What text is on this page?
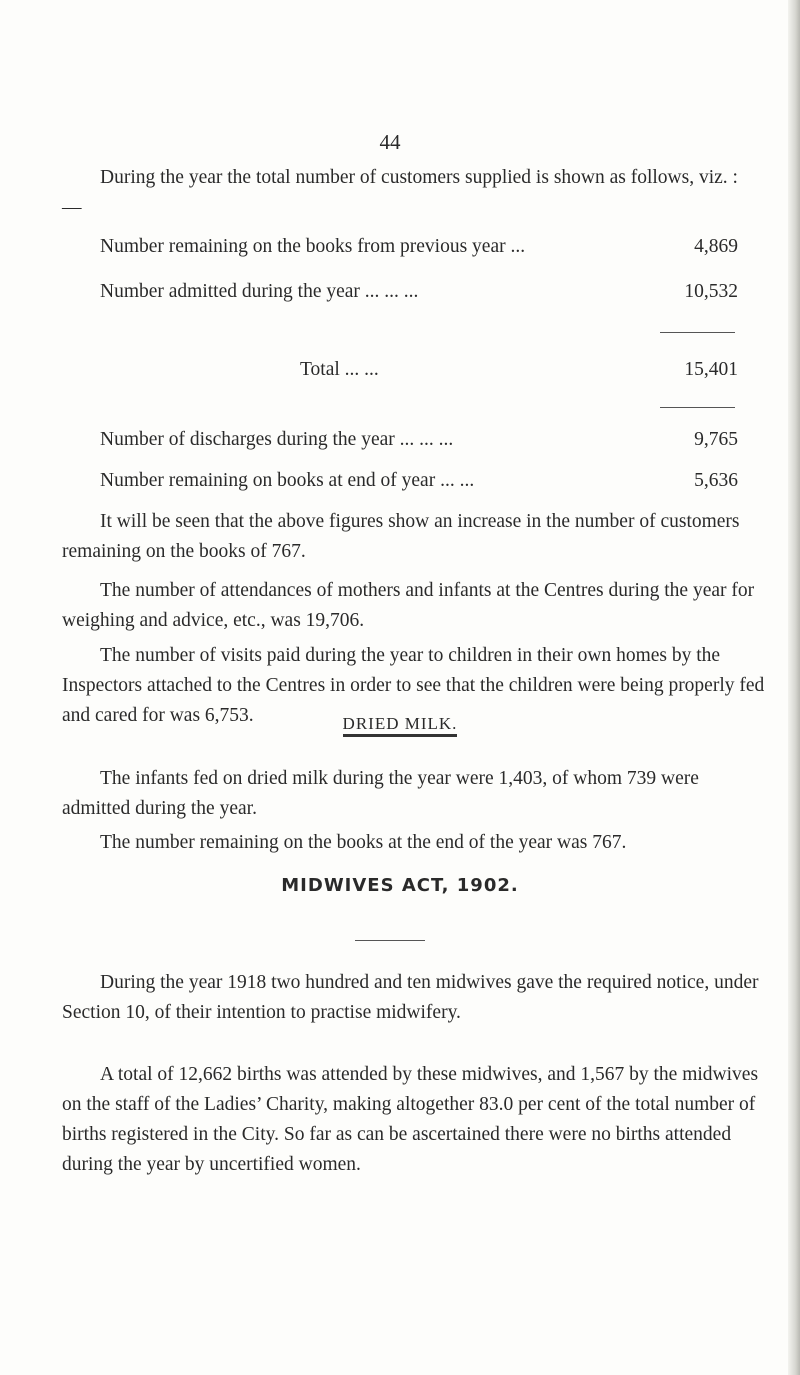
44

During the year the total number of customers supplied is shown as follows, viz. : —

Number remaining on the books from previous year ...	4,869
Number admitted during the year ... ... ...	10,532
Total ... ...	15,401
Number of discharges during the year ... ... ...	9,765
Number remaining on books at end of year ... ...	5,636

It will be seen that the above figures show an increase in the number of customers remaining on the books of 767.

The number of attendances of mothers and infants at the Centres during the year for weighing and advice, etc., was 19,706.

The number of visits paid during the year to children in their own homes by the Inspectors attached to the Centres in order to see that the children were being properly fed and cared for was 6,753.	DRIED MILK.

The infants fed on dried milk during the year were 1,403, of whom 739 were admitted during the year.

The number remaining on the books at the end of the year was 767.

MIDWIVES ACT, 1902.

During the year 1918 two hundred and ten midwives gave the required notice, under Section 10, of their intention to practise midwifery.

A total of 12,662 births was attended by these midwives, and 1,567 by the midwives on the staff of the Ladies’ Charity, making altogether 83.0 per cent of the total number of births registered in the City. So far as can be ascertained there were no births attended during the year by uncertified women.
